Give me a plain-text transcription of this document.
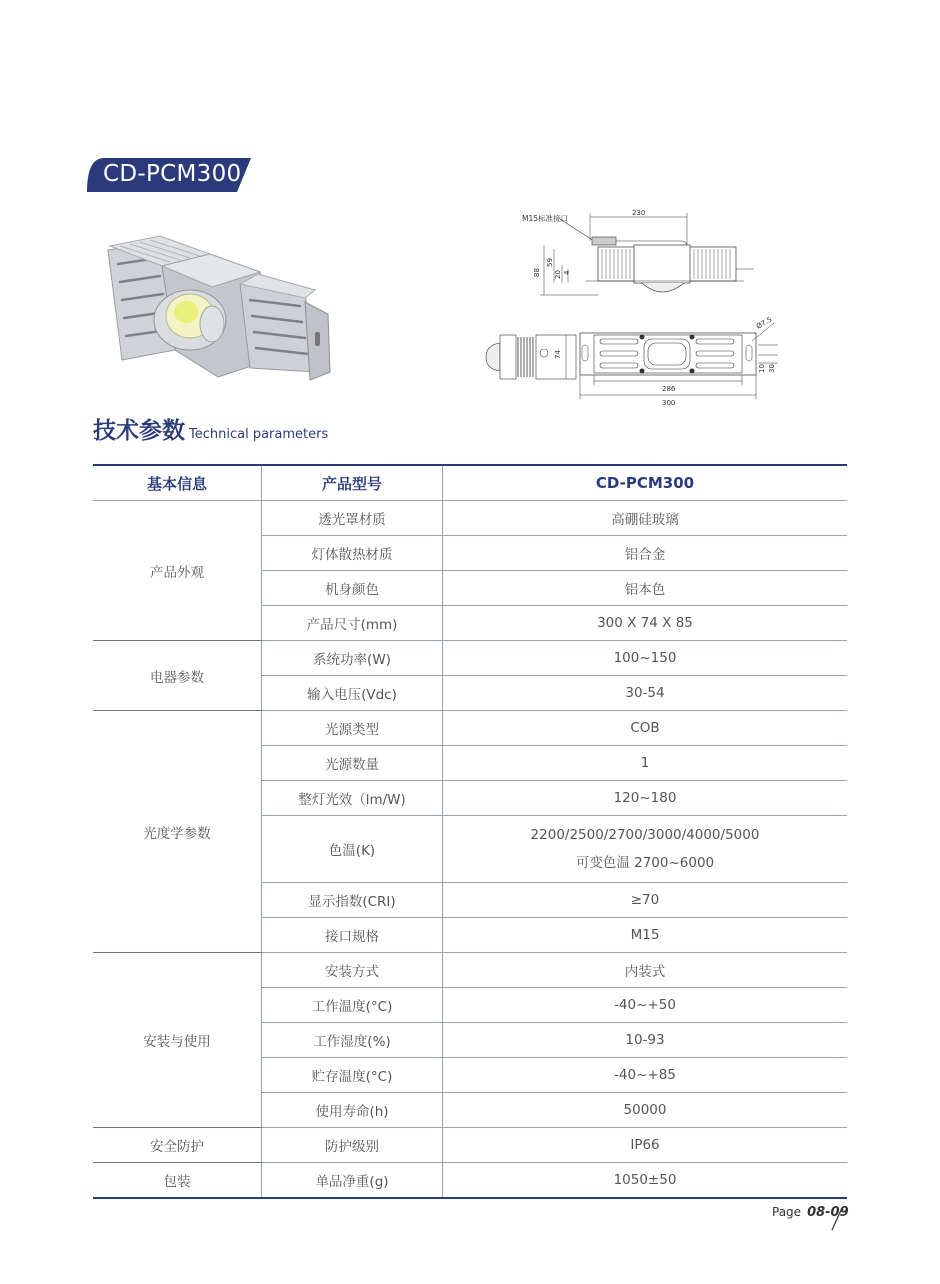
CD-PCM300
M15标准接口
230
88
59
20 4
74
286
300
Ø7.5
10 30
技术参数 Technical parameters
基本信息	产品型号	CD-PCM300
产品外观	透光罩材质	高硼硅玻璃
	灯体散热材质	铝合金
	机身颜色	铝本色
	产品尺寸(mm)	300 X 74 X 85
电器参数	系统功率(W)	100~150
	输入电压(Vdc)	30-54
光度学参数	光源类型	COB
	光源数量	1
	整灯光效（lm/W)	120~180
	色温(K)	2200/2500/2700/3000/4000/5000
可变色温 2700~6000

	显示指数(CRI)	≥70
	接口规格	M15
安装与使用	安装方式	内装式
	工作温度(°C)	-40~+50
	工作湿度(%)	10-93
	贮存温度(°C)	-40~+85
	使用寿命(h)	50000
安全防护	防护级别	IP66
包装	单品净重(g)	1050±50
Page 08-09
